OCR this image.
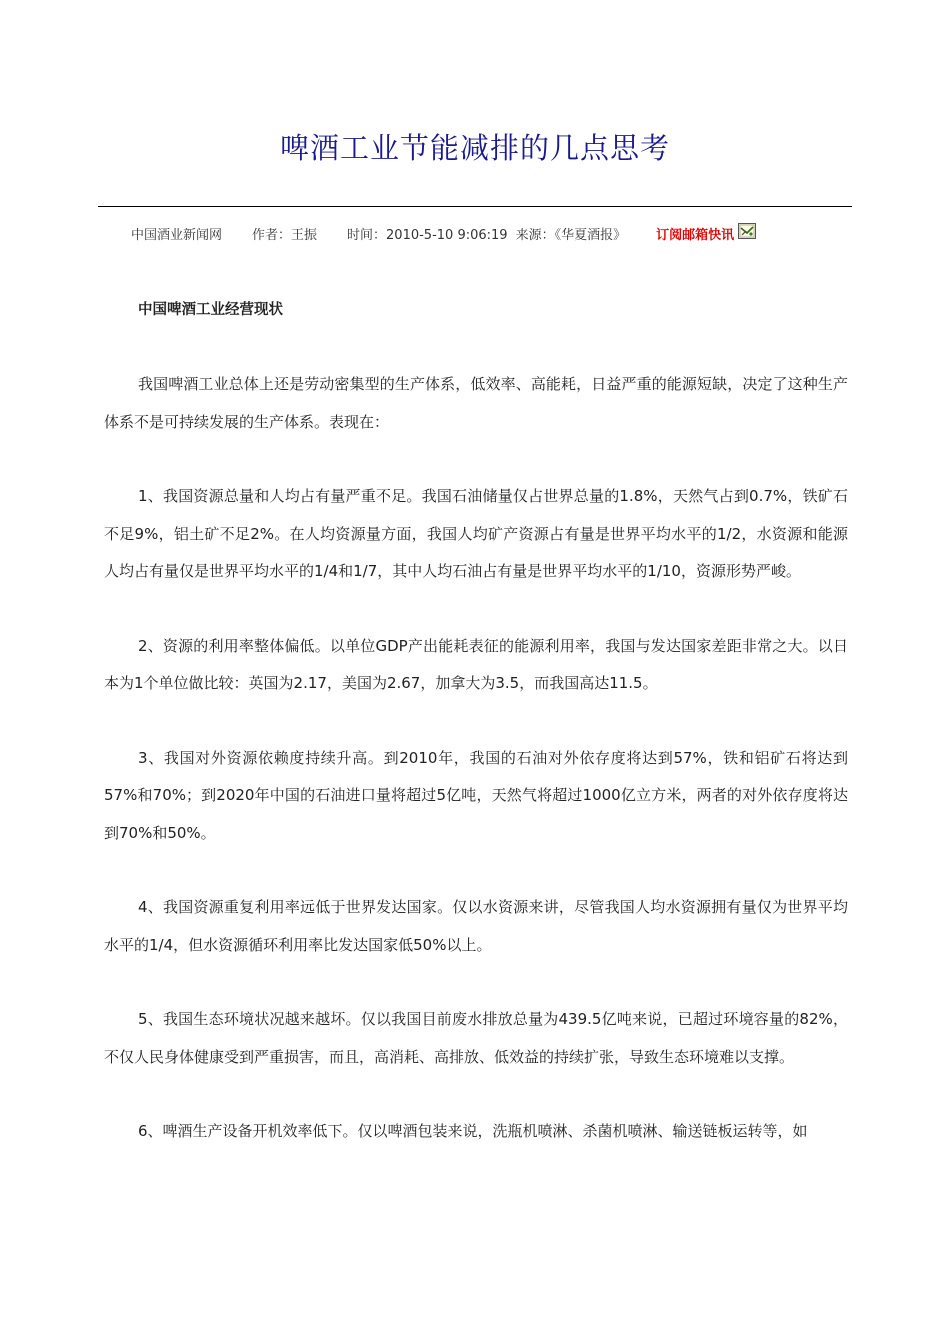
啤酒工业节能减排的几点思考
中国酒业新闻网 作者：王振 时间：2010-5-10 9:06:19 来源：《华夏酒报》 订阅邮箱快讯
中国啤酒工业经营现状

我国啤酒工业总体上还是劳动密集型的生产体系，低效率、高能耗，日益严重的能源短缺，决定了这种生产体系不是可持续发展的生产体系。表现在：

1、我国资源总量和人均占有量严重不足。我国石油储量仅占世界总量的1.8%，天然气占到0.7%，铁矿石不足9%，铝土矿不足2%。在人均资源量方面，我国人均矿产资源占有量是世界平均水平的1/2，水资源和能源人均占有量仅是世界平均水平的1/4和1/7，其中人均石油占有量是世界平均水平的1/10，资源形势严峻。

2、资源的利用率整体偏低。以单位GDP产出能耗表征的能源利用率，我国与发达国家差距非常之大。以日本为1个单位做比较：英国为2.17，美国为2.67，加拿大为3.5，而我国高达11.5。

3、我国对外资源依赖度持续升高。到2010年，我国的石油对外依存度将达到57%，铁和铝矿石将达到57%和70%；到2020年中国的石油进口量将超过5亿吨，天然气将超过1000亿立方米，两者的对外依存度将达到70%和50%。

4、我国资源重复利用率远低于世界发达国家。仅以水资源来讲，尽管我国人均水资源拥有量仅为世界平均水平的1/4，但水资源循环利用率比发达国家低50%以上。

5、我国生态环境状况越来越坏。仅以我国目前废水排放总量为439.5亿吨来说，已超过环境容量的82%，不仅人民身体健康受到严重损害，而且，高消耗、高排放、低效益的持续扩张，导致生态环境难以支撑。

6、啤酒生产设备开机效率低下。仅以啤酒包装来说，洗瓶机喷淋、杀菌机喷淋、输送链板运转等，如
